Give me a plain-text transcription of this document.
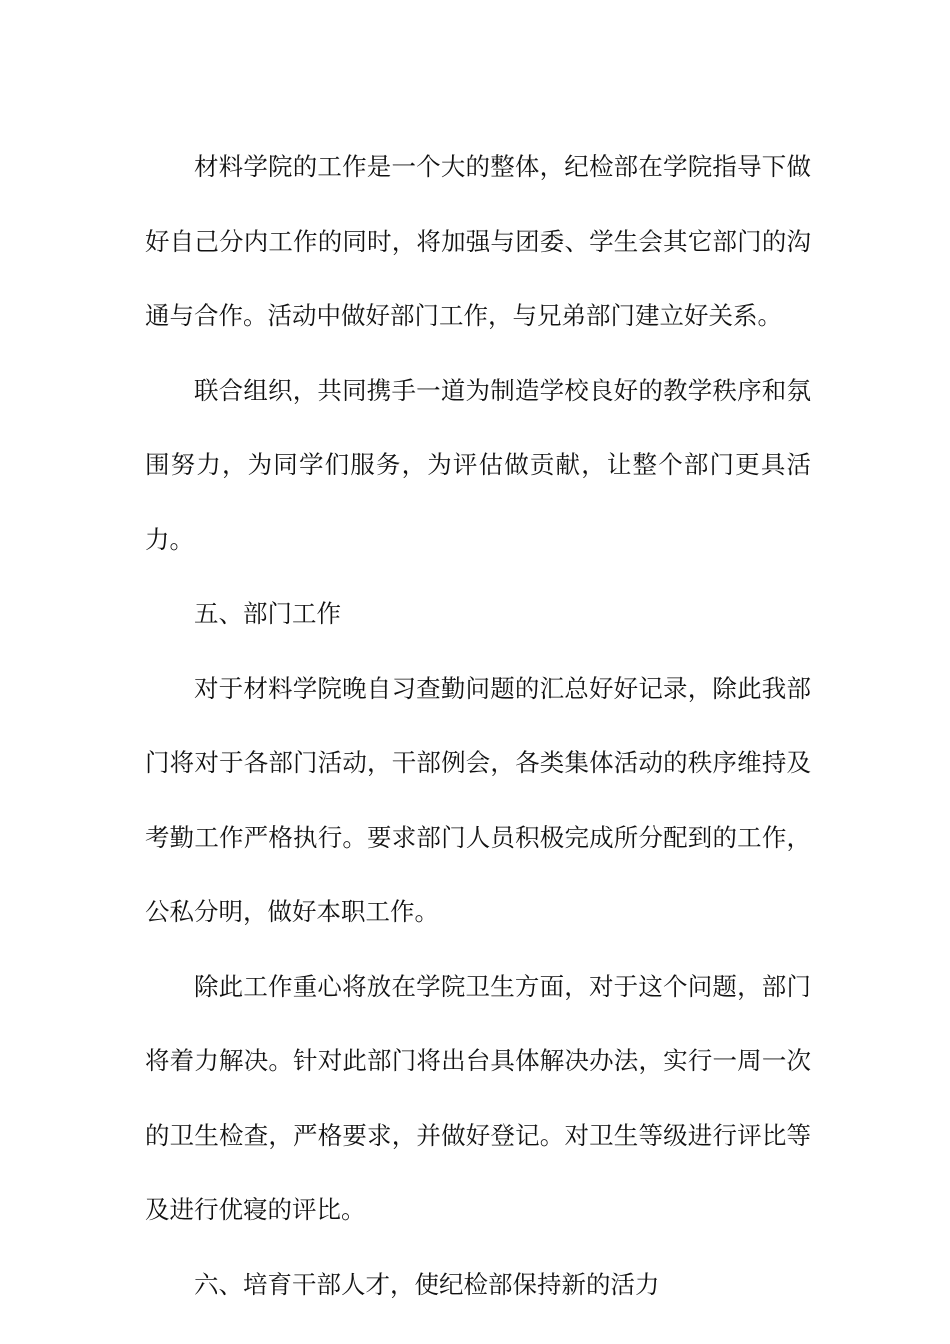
材料学院的工作是一个大的整体，纪检部在学院指导下做好自己分内工作的同时，将加强与团委、学生会其它部门的沟通与合作。活动中做好部门工作，与兄弟部门建立好关系。

联合组织，共同携手一道为制造学校良好的教学秩序和氛围努力，为同学们服务，为评估做贡献，让整个部门更具活力。

五、部门工作

对于材料学院晚自习查勤问题的汇总好好记录，除此我部门将对于各部门活动，干部例会，各类集体活动的秩序维持及考勤工作严格执行。要求部门人员积极完成所分配到的工作，公私分明，做好本职工作。

除此工作重心将放在学院卫生方面，对于这个问题，部门将着力解决。针对此部门将出台具体解决办法，实行一周一次的卫生检查，严格要求，并做好登记。对卫生等级进行评比等及进行优寝的评比。

六、培育干部人才，使纪检部保持新的活力
